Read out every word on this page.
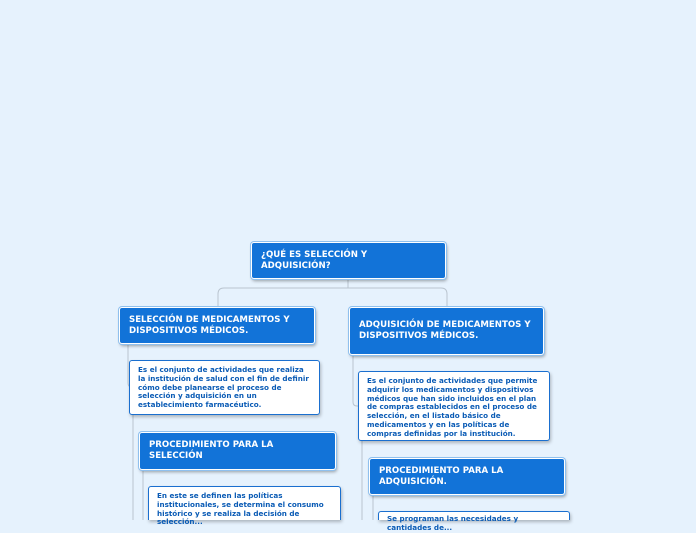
¿QUÉ ES SELECCIÓN Y ADQUISICIÓN?
SELECCIÓN DE MEDICAMENTOS Y DISPOSITIVOS MÉDICOS.
Es el conjunto de actividades que realiza la institución de salud con el fin de definir cómo debe planearse el proceso de selección y adquisición en un establecimiento farmacéutico.
PROCEDIMIENTO PARA LA SELECCIÓN
En este se definen las políticas institucionales, se determina el consumo histórico y se realiza la decisión de selección...
ADQUISICIÓN DE MEDICAMENTOS Y DISPOSITIVOS MÉDICOS.
Es el conjunto de actividades que permite adquirir los medicamentos y dispositivos médicos que han sido incluidos en el plan de compras establecidos en el proceso de selección, en el listado básico de medicamentos y en las políticas de compras definidas por la institución.
PROCEDIMIENTO PARA LA ADQUISICIÓN.
Se programan las necesidades y cantidades de...
